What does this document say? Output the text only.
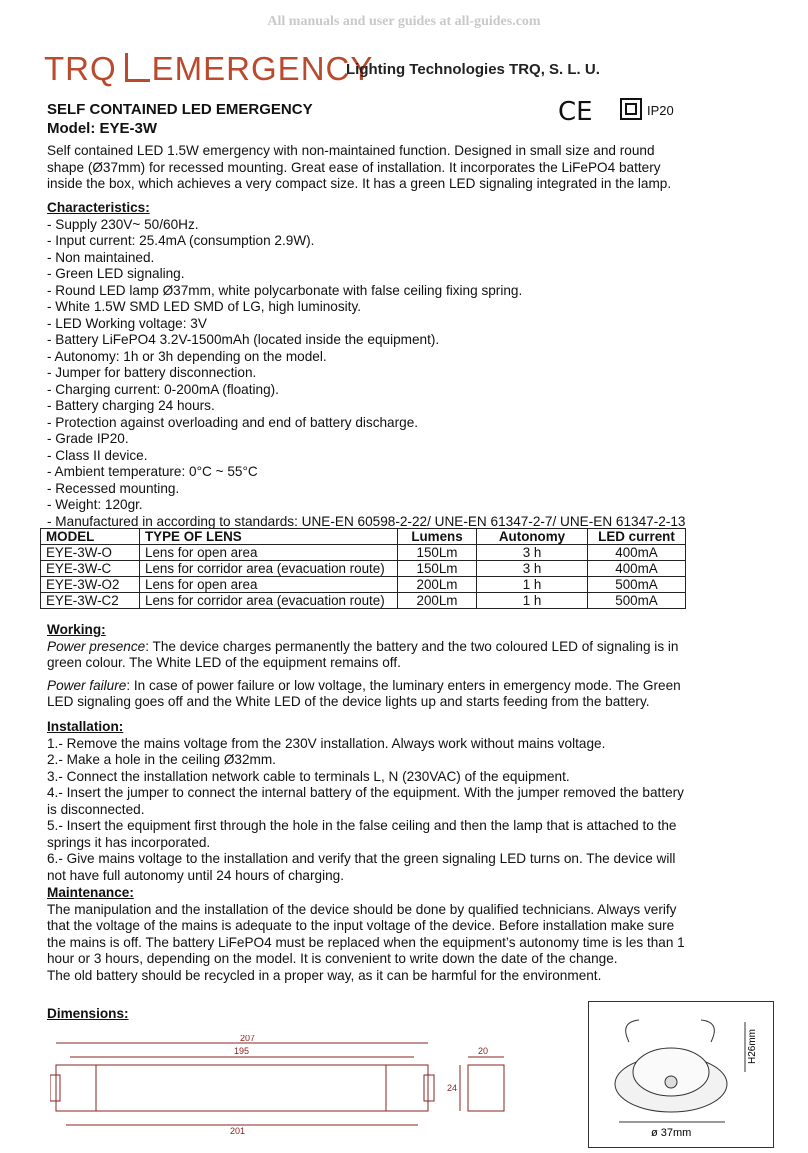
All manuals and user guides at all-guides.com
TRQ EMERGENCY
Lighting Technologies TRQ, S. L. U.
SELF CONTAINED LED EMERGENCY
Model: EYE-3W
CE	IP20
Self contained LED 1.5W emergency with non-maintained function. Designed in small size and round
shape (Ø37mm) for recessed mounting. Great ease of installation. It incorporates the LiFePO4 battery
inside the box, which achieves a very compact size. It has a green LED signaling integrated in the lamp.
Characteristics:
- Supply 230V~ 50/60Hz.
- Input current: 25.4mA (consumption 2.9W).
- Non maintained.
- Green LED signaling.
- Round LED lamp Ø37mm, white polycarbonate with false ceiling fixing spring.
- White 1.5W SMD LED SMD of LG, high luminosity.
- LED Working voltage: 3V
- Battery LiFePO4 3.2V-1500mAh (located inside the equipment).
- Autonomy: 1h or 3h depending on the model.
- Jumper for battery disconnection.
- Charging current: 0-200mA (floating).
- Battery charging 24 hours.
- Protection against overloading and end of battery discharge.
- Grade IP20.
- Class II device.
- Ambient temperature: 0°C ~ 55°C
- Recessed mounting.
- Weight: 120gr.
- Manufactured in according to standards: UNE-EN 60598-2-22/ UNE-EN 61347-2-7/ UNE-EN 61347-2-13
MODEL	TYPE OF LENS	Lumens	Autonomy	LED current
EYE-3W-O	Lens for open area	150Lm	3 h	400mA
EYE-3W-C	Lens for corridor area (evacuation route)	150Lm	3 h	400mA
EYE-3W-O2	Lens for open area	200Lm	1 h	500mA
EYE-3W-C2	Lens for corridor area (evacuation route)	200Lm	1 h	500mA
Working:
Power presence: The device charges permanently the battery and the two coloured LED of signaling is in
green colour. The White LED of the equipment remains off.
Power failure: In case of power failure or low voltage, the luminary enters in emergency mode. The Green
LED signaling goes off and the White LED of the device lights up and starts feeding from the battery.
Installation:
1.- Remove the mains voltage from the 230V installation. Always work without mains voltage.
2.- Make a hole in the ceiling Ø32mm.
3.- Connect the installation network cable to terminals L, N (230VAC) of the equipment.
4.- Insert the jumper to connect the internal battery of the equipment. With the jumper removed the battery
is disconnected.
5.- Insert the equipment first through the hole in the false ceiling and then the lamp that is attached to the
springs it has incorporated.
6.- Give mains voltage to the installation and verify that the green signaling LED turns on. The device will
not have full autonomy until 24 hours of charging.
Maintenance:
The manipulation and the installation of the device should be done by qualified technicians. Always verify
that the voltage of the mains is adequate to the input voltage of the device. Before installation make sure
the mains is off. The battery LiFePO4 must be replaced when the equipment’s autonomy time is les than 1
hour or 3 hours, depending on the model. It is convenient to write down the date of the change.
The old battery should be recycled in a proper way, as it can be harmful for the environment.
Dimensions:
207
195
201
20
24
H26mm
ø 37mm
